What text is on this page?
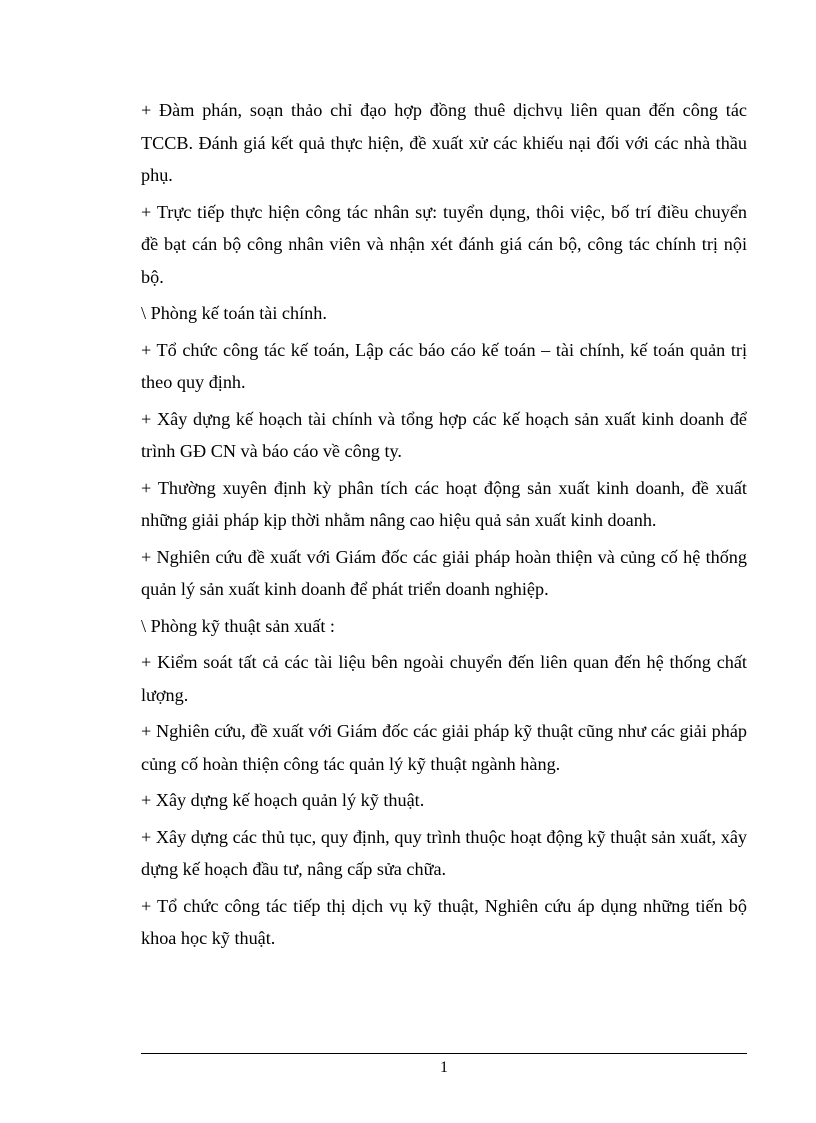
+ Đàm phán, soạn thảo chỉ đạo hợp đồng thuê dịchvụ liên quan đến công tác TCCB. Đánh giá kết quả thực hiện, đề xuất xử các khiếu nại đối với các nhà thầu phụ.

+ Trực tiếp thực hiện công tác nhân sự: tuyển dụng, thôi việc, bố trí điều chuyển đề bạt cán bộ công nhân viên và nhận xét đánh giá cán bộ, công tác chính trị nội bộ.

\ Phòng kế toán tài chính.

+ Tổ chức công tác kế toán, Lập các báo cáo kế toán – tài chính, kế toán quản trị theo quy định.

+ Xây dựng kế hoạch tài chính và tổng hợp các kế hoạch sản xuất kinh doanh để trình GĐ CN và báo cáo về công ty.

+ Thường xuyên định kỳ phân tích các hoạt động sản xuất kinh doanh, đề xuất những giải pháp kịp thời nhằm nâng cao hiệu quả sản xuất kinh doanh.

+ Nghiên cứu đề xuất với Giám đốc các giải pháp hoàn thiện và củng cố hệ thống quản lý sản xuất kinh doanh để phát triển doanh nghiệp.

\ Phòng kỹ thuật sản xuất :

+ Kiểm soát tất cả các tài liệu bên ngoài chuyển đến liên quan đến hệ thống chất lượng.

+ Nghiên cứu, đề xuất với Giám đốc các giải pháp kỹ thuật cũng như các giải pháp củng cố hoàn thiện công tác quản lý kỹ thuật ngành hàng.

+ Xây dựng kế hoạch quản lý kỹ thuật.

+ Xây dựng các thủ tục, quy định, quy trình thuộc hoạt động kỹ thuật sản xuất, xây dựng kế hoạch đầu tư, nâng cấp sửa chữa.

+ Tổ chức công tác tiếp thị dịch vụ kỹ thuật, Nghiên cứu áp dụng những tiến bộ khoa học kỹ thuật.

1
